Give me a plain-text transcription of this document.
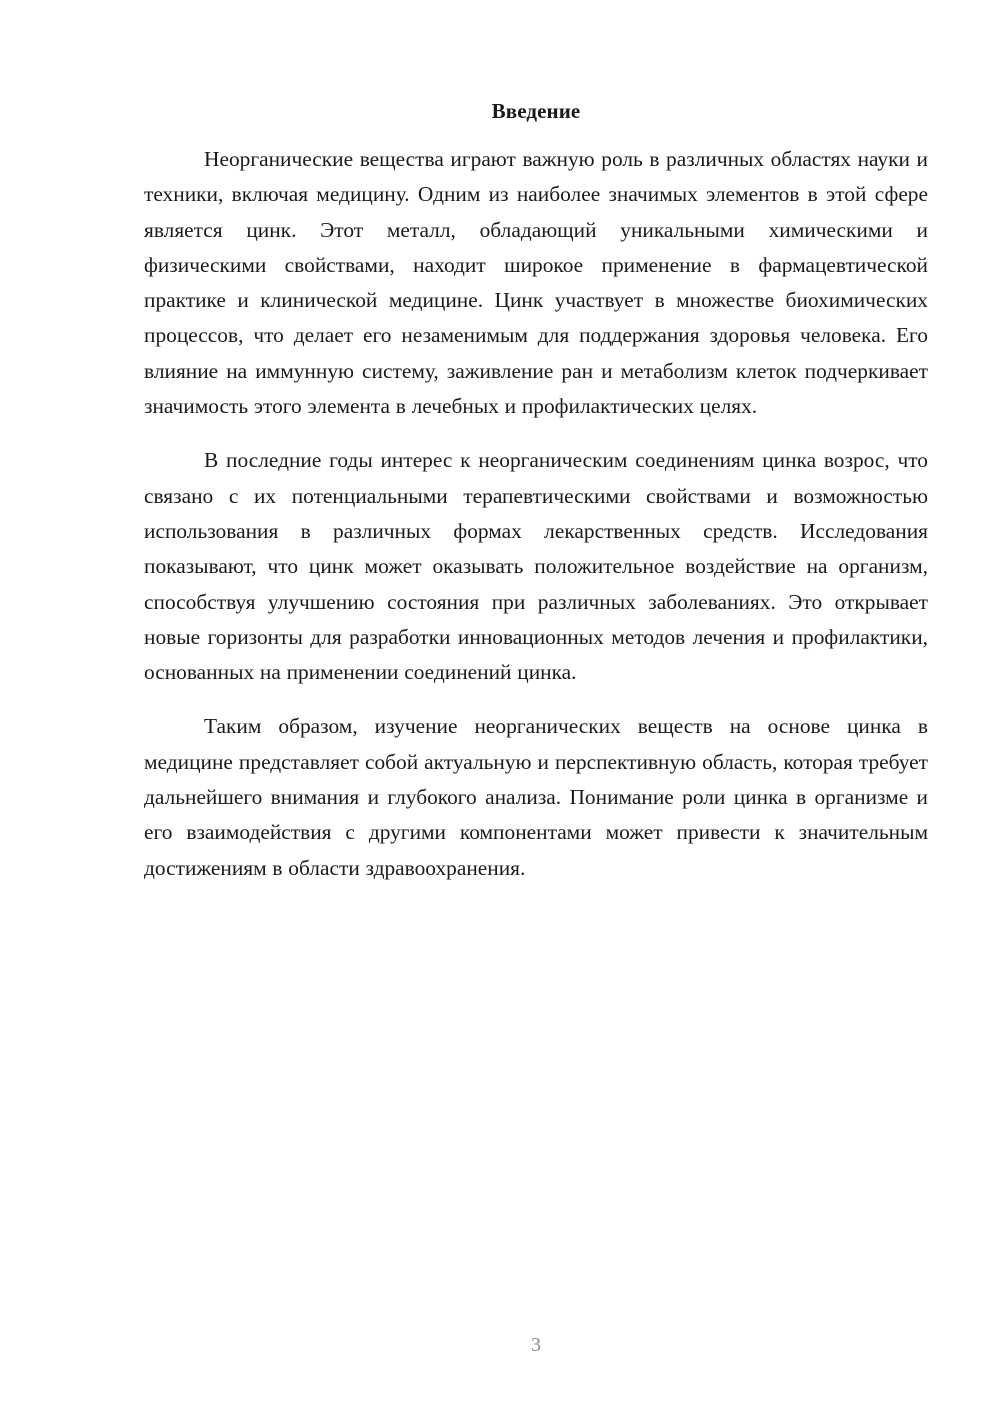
Введение

Неорганические вещества играют важную роль в различных областях науки и техники, включая медицину. Одним из наиболее значимых элементов в этой сфере является цинк. Этот металл, обладающий уникальными химическими и физическими свойствами, находит широкое применение в фармацевтической практике и клинической медицине. Цинк участвует в множестве биохимических процессов, что делает его незаменимым для поддержания здоровья человека. Его влияние на иммунную систему, заживление ран и метаболизм клеток подчеркивает значимость этого элемента в лечебных и профилактических целях.

В последние годы интерес к неорганическим соединениям цинка возрос, что связано с их потенциальными терапевтическими свойствами и возможностью использования в различных формах лекарственных средств. Исследования показывают, что цинк может оказывать положительное воздействие на организм, способствуя улучшению состояния при различных заболеваниях. Это открывает новые горизонты для разработки инновационных методов лечения и профилактики, основанных на применении соединений цинка.

Таким образом, изучение неорганических веществ на основе цинка в медицине представляет собой актуальную и перспективную область, которая требует дальнейшего внимания и глубокого анализа. Понимание роли цинка в организме и его взаимодействия с другими компонентами может привести к значительным достижениям в области здравоохранения.

3
